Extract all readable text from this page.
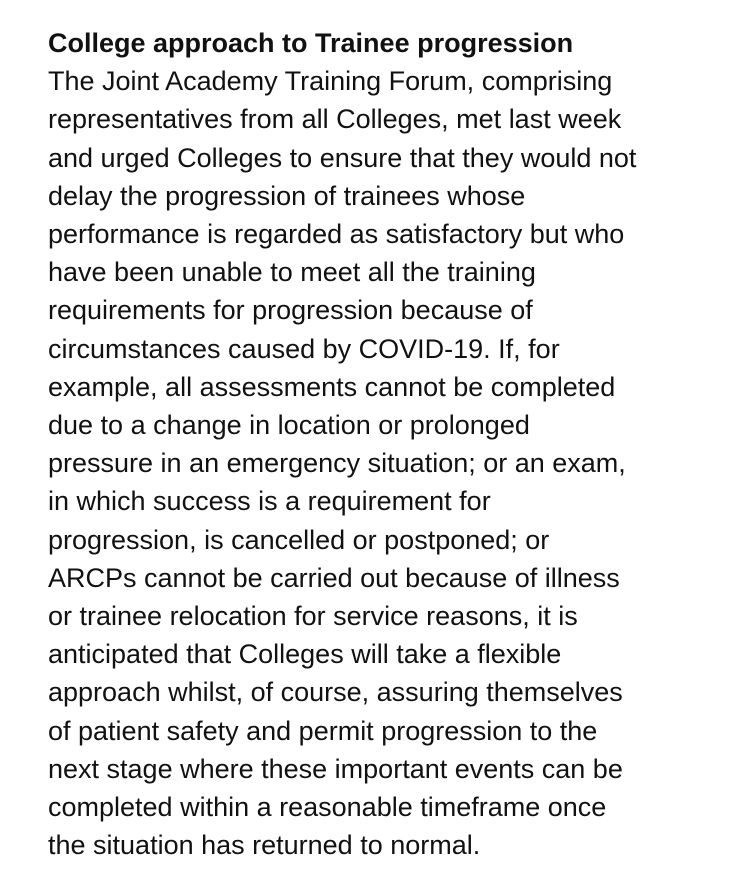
College approach to Trainee progression
The Joint Academy Training Forum, comprising
representatives from all Colleges, met last week
and urged Colleges to ensure that they would not
delay the progression of trainees whose
performance is regarded as satisfactory but who
have been unable to meet all the training
requirements for progression because of
circumstances caused by COVID-19. If, for
example, all assessments cannot be completed
due to a change in location or prolonged
pressure in an emergency situation; or an exam,
in which success is a requirement for
progression, is cancelled or postponed; or
ARCPs cannot be carried out because of illness
or trainee relocation for service reasons, it is
anticipated that Colleges will take a flexible
approach whilst, of course, assuring themselves
of patient safety and permit progression to the
next stage where these important events can be
completed within a reasonable timeframe once
the situation has returned to normal.
